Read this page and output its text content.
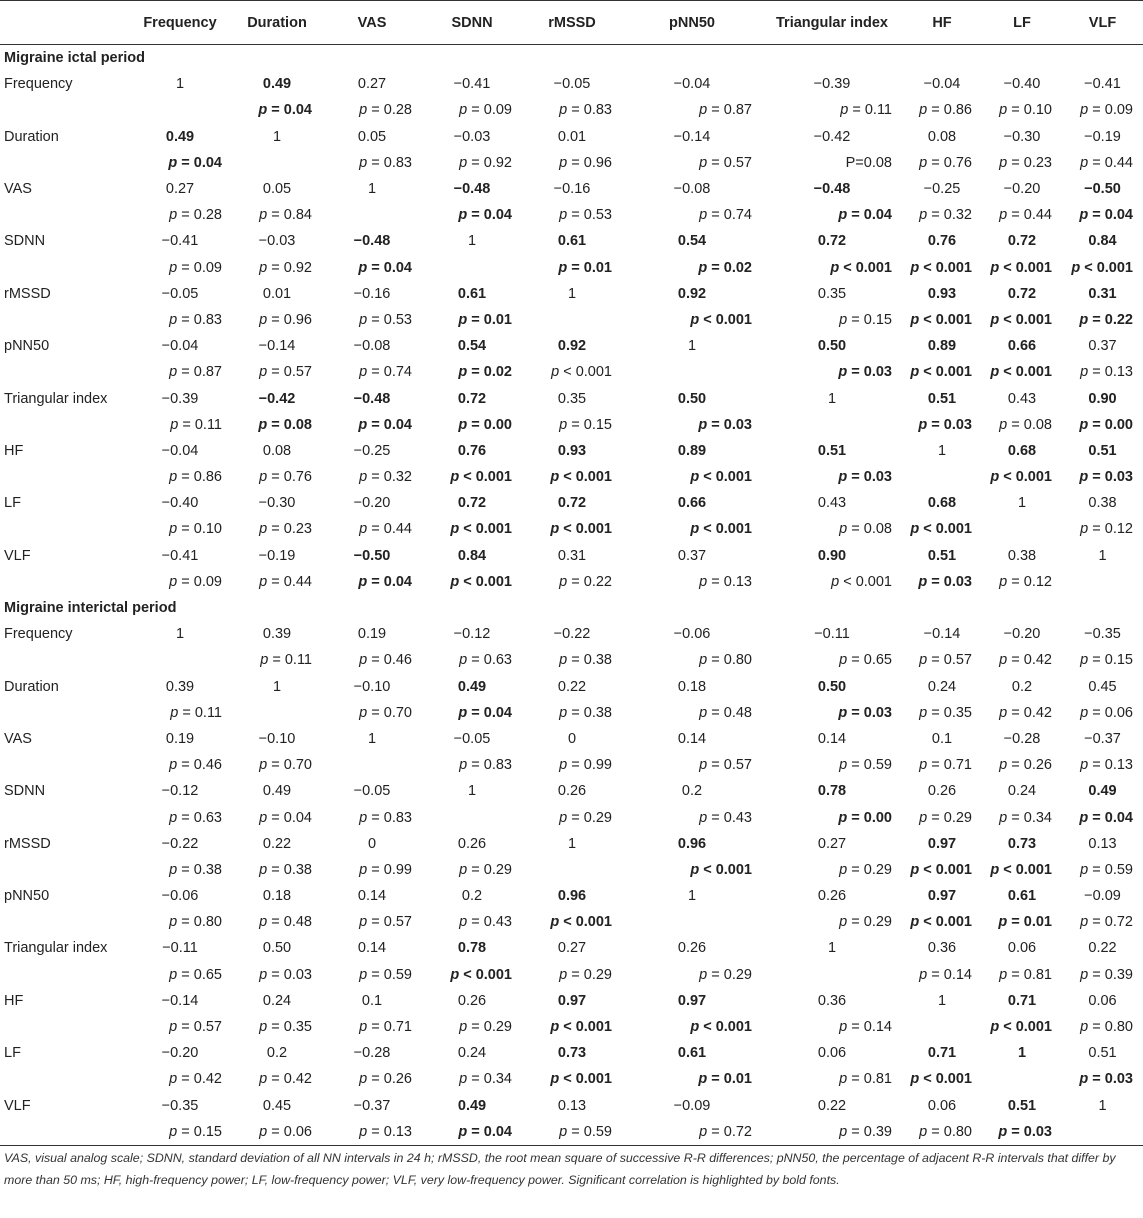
	Frequency	Duration	VAS	SDNN	rMSSD	pNN50	Triangular index	HF	LF	VLF
Migraine ictal period										
Frequency	1	0.49	0.27	−0.41	−0.05	−0.04	−0.39	−0.04	−0.40	−0.41
		p = 0.04	p = 0.28	p = 0.09	p = 0.83	p = 0.87	p = 0.11	p = 0.86	p = 0.10	p = 0.09
Duration	0.49	1	0.05	−0.03	0.01	−0.14	−0.42	0.08	−0.30	−0.19
	p = 0.04		p = 0.83	p = 0.92	p = 0.96	p = 0.57	P=0.08	p = 0.76	p = 0.23	p = 0.44
VAS	0.27	0.05	1	−0.48	−0.16	−0.08	−0.48	−0.25	−0.20	−0.50
	p = 0.28	p = 0.84		p = 0.04	p = 0.53	p = 0.74	p = 0.04	p = 0.32	p = 0.44	p = 0.04
SDNN	−0.41	−0.03	−0.48	1	0.61	0.54	0.72	0.76	0.72	0.84
	p = 0.09	p = 0.92	p = 0.04		p = 0.01	p = 0.02	p < 0.001	p < 0.001	p < 0.001	p < 0.001
rMSSD	−0.05	0.01	−0.16	0.61	1	0.92	0.35	0.93	0.72	0.31
	p = 0.83	p = 0.96	p = 0.53	p = 0.01		p < 0.001	p = 0.15	p < 0.001	p < 0.001	p = 0.22
pNN50	−0.04	−0.14	−0.08	0.54	0.92	1	0.50	0.89	0.66	0.37
	p = 0.87	p = 0.57	p = 0.74	p = 0.02	p < 0.001		p = 0.03	p < 0.001	p < 0.001	p = 0.13
Triangular index	−0.39	−0.42	−0.48	0.72	0.35	0.50	1	0.51	0.43	0.90
	p = 0.11	p = 0.08	p = 0.04	p = 0.00	p = 0.15	p = 0.03		p = 0.03	p = 0.08	p = 0.00
HF	−0.04	0.08	−0.25	0.76	0.93	0.89	0.51	1	0.68	0.51
	p = 0.86	p = 0.76	p = 0.32	p < 0.001	p < 0.001	p < 0.001	p = 0.03		p < 0.001	p = 0.03
LF	−0.40	−0.30	−0.20	0.72	0.72	0.66	0.43	0.68	1	0.38
	p = 0.10	p = 0.23	p = 0.44	p < 0.001	p < 0.001	p < 0.001	p = 0.08	p < 0.001		p = 0.12
VLF	−0.41	−0.19	−0.50	0.84	0.31	0.37	0.90	0.51	0.38	1
	p = 0.09	p = 0.44	p = 0.04	p < 0.001	p = 0.22	p = 0.13	p < 0.001	p = 0.03	p = 0.12	
Migraine interictal period										
Frequency	1	0.39	0.19	−0.12	−0.22	−0.06	−0.11	−0.14	−0.20	−0.35
		p = 0.11	p = 0.46	p = 0.63	p = 0.38	p = 0.80	p = 0.65	p = 0.57	p = 0.42	p = 0.15
Duration	0.39	1	−0.10	0.49	0.22	0.18	0.50	0.24	0.2	0.45
	p = 0.11		p = 0.70	p = 0.04	p = 0.38	p = 0.48	p = 0.03	p = 0.35	p = 0.42	p = 0.06
VAS	0.19	−0.10	1	−0.05	0	0.14	0.14	0.1	−0.28	−0.37
	p = 0.46	p = 0.70		p = 0.83	p = 0.99	p = 0.57	p = 0.59	p = 0.71	p = 0.26	p = 0.13
SDNN	−0.12	0.49	−0.05	1	0.26	0.2	0.78	0.26	0.24	0.49
	p = 0.63	p = 0.04	p = 0.83		p = 0.29	p = 0.43	p = 0.00	p = 0.29	p = 0.34	p = 0.04
rMSSD	−0.22	0.22	0	0.26	1	0.96	0.27	0.97	0.73	0.13
	p = 0.38	p = 0.38	p = 0.99	p = 0.29		p < 0.001	p = 0.29	p < 0.001	p < 0.001	p = 0.59
pNN50	−0.06	0.18	0.14	0.2	0.96	1	0.26	0.97	0.61	−0.09
	p = 0.80	p = 0.48	p = 0.57	p = 0.43	p < 0.001		p = 0.29	p < 0.001	p = 0.01	p = 0.72
Triangular index	−0.11	0.50	0.14	0.78	0.27	0.26	1	0.36	0.06	0.22
	p = 0.65	p = 0.03	p = 0.59	p < 0.001	p = 0.29	p = 0.29		p = 0.14	p = 0.81	p = 0.39
HF	−0.14	0.24	0.1	0.26	0.97	0.97	0.36	1	0.71	0.06
	p = 0.57	p = 0.35	p = 0.71	p = 0.29	p < 0.001	p < 0.001	p = 0.14		p < 0.001	p = 0.80
LF	−0.20	0.2	−0.28	0.24	0.73	0.61	0.06	0.71	1	0.51
	p = 0.42	p = 0.42	p = 0.26	p = 0.34	p < 0.001	p = 0.01	p = 0.81	p < 0.001		p = 0.03
VLF	−0.35	0.45	−0.37	0.49	0.13	−0.09	0.22	0.06	0.51	1
	p = 0.15	p = 0.06	p = 0.13	p = 0.04	p = 0.59	p = 0.72	p = 0.39	p = 0.80	p = 0.03	

VAS, visual analog scale; SDNN, standard deviation of all NN intervals in 24 h; rMSSD, the root mean square of successive R-R differences; pNN50, the percentage of adjacent R-R intervals that differ by more than 50 ms; HF, high-frequency power; LF, low-frequency power; VLF, very low-frequency power. Significant correlation is highlighted by bold fonts.
